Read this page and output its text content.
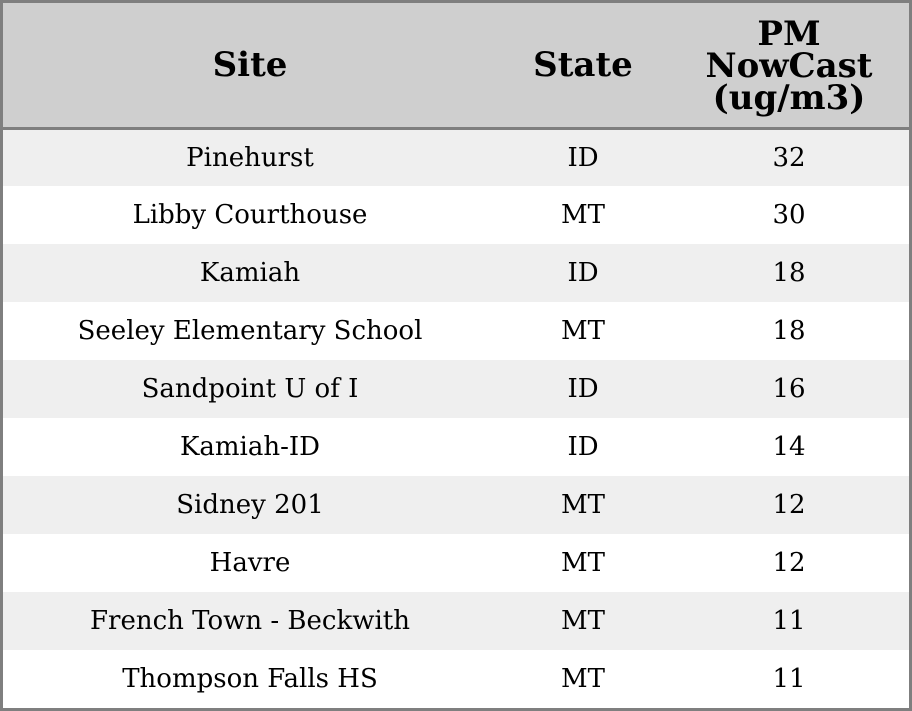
Site	State	PM
NowCast
(ug/m3)

Pinehurst	ID	32
Libby Courthouse	MT	30
Kamiah	ID	18
Seeley Elementary School	MT	18
Sandpoint U of I	ID	16
Kamiah-ID	ID	14
Sidney 201	MT	12
Havre	MT	12
French Town - Beckwith	MT	11
Thompson Falls HS	MT	11
